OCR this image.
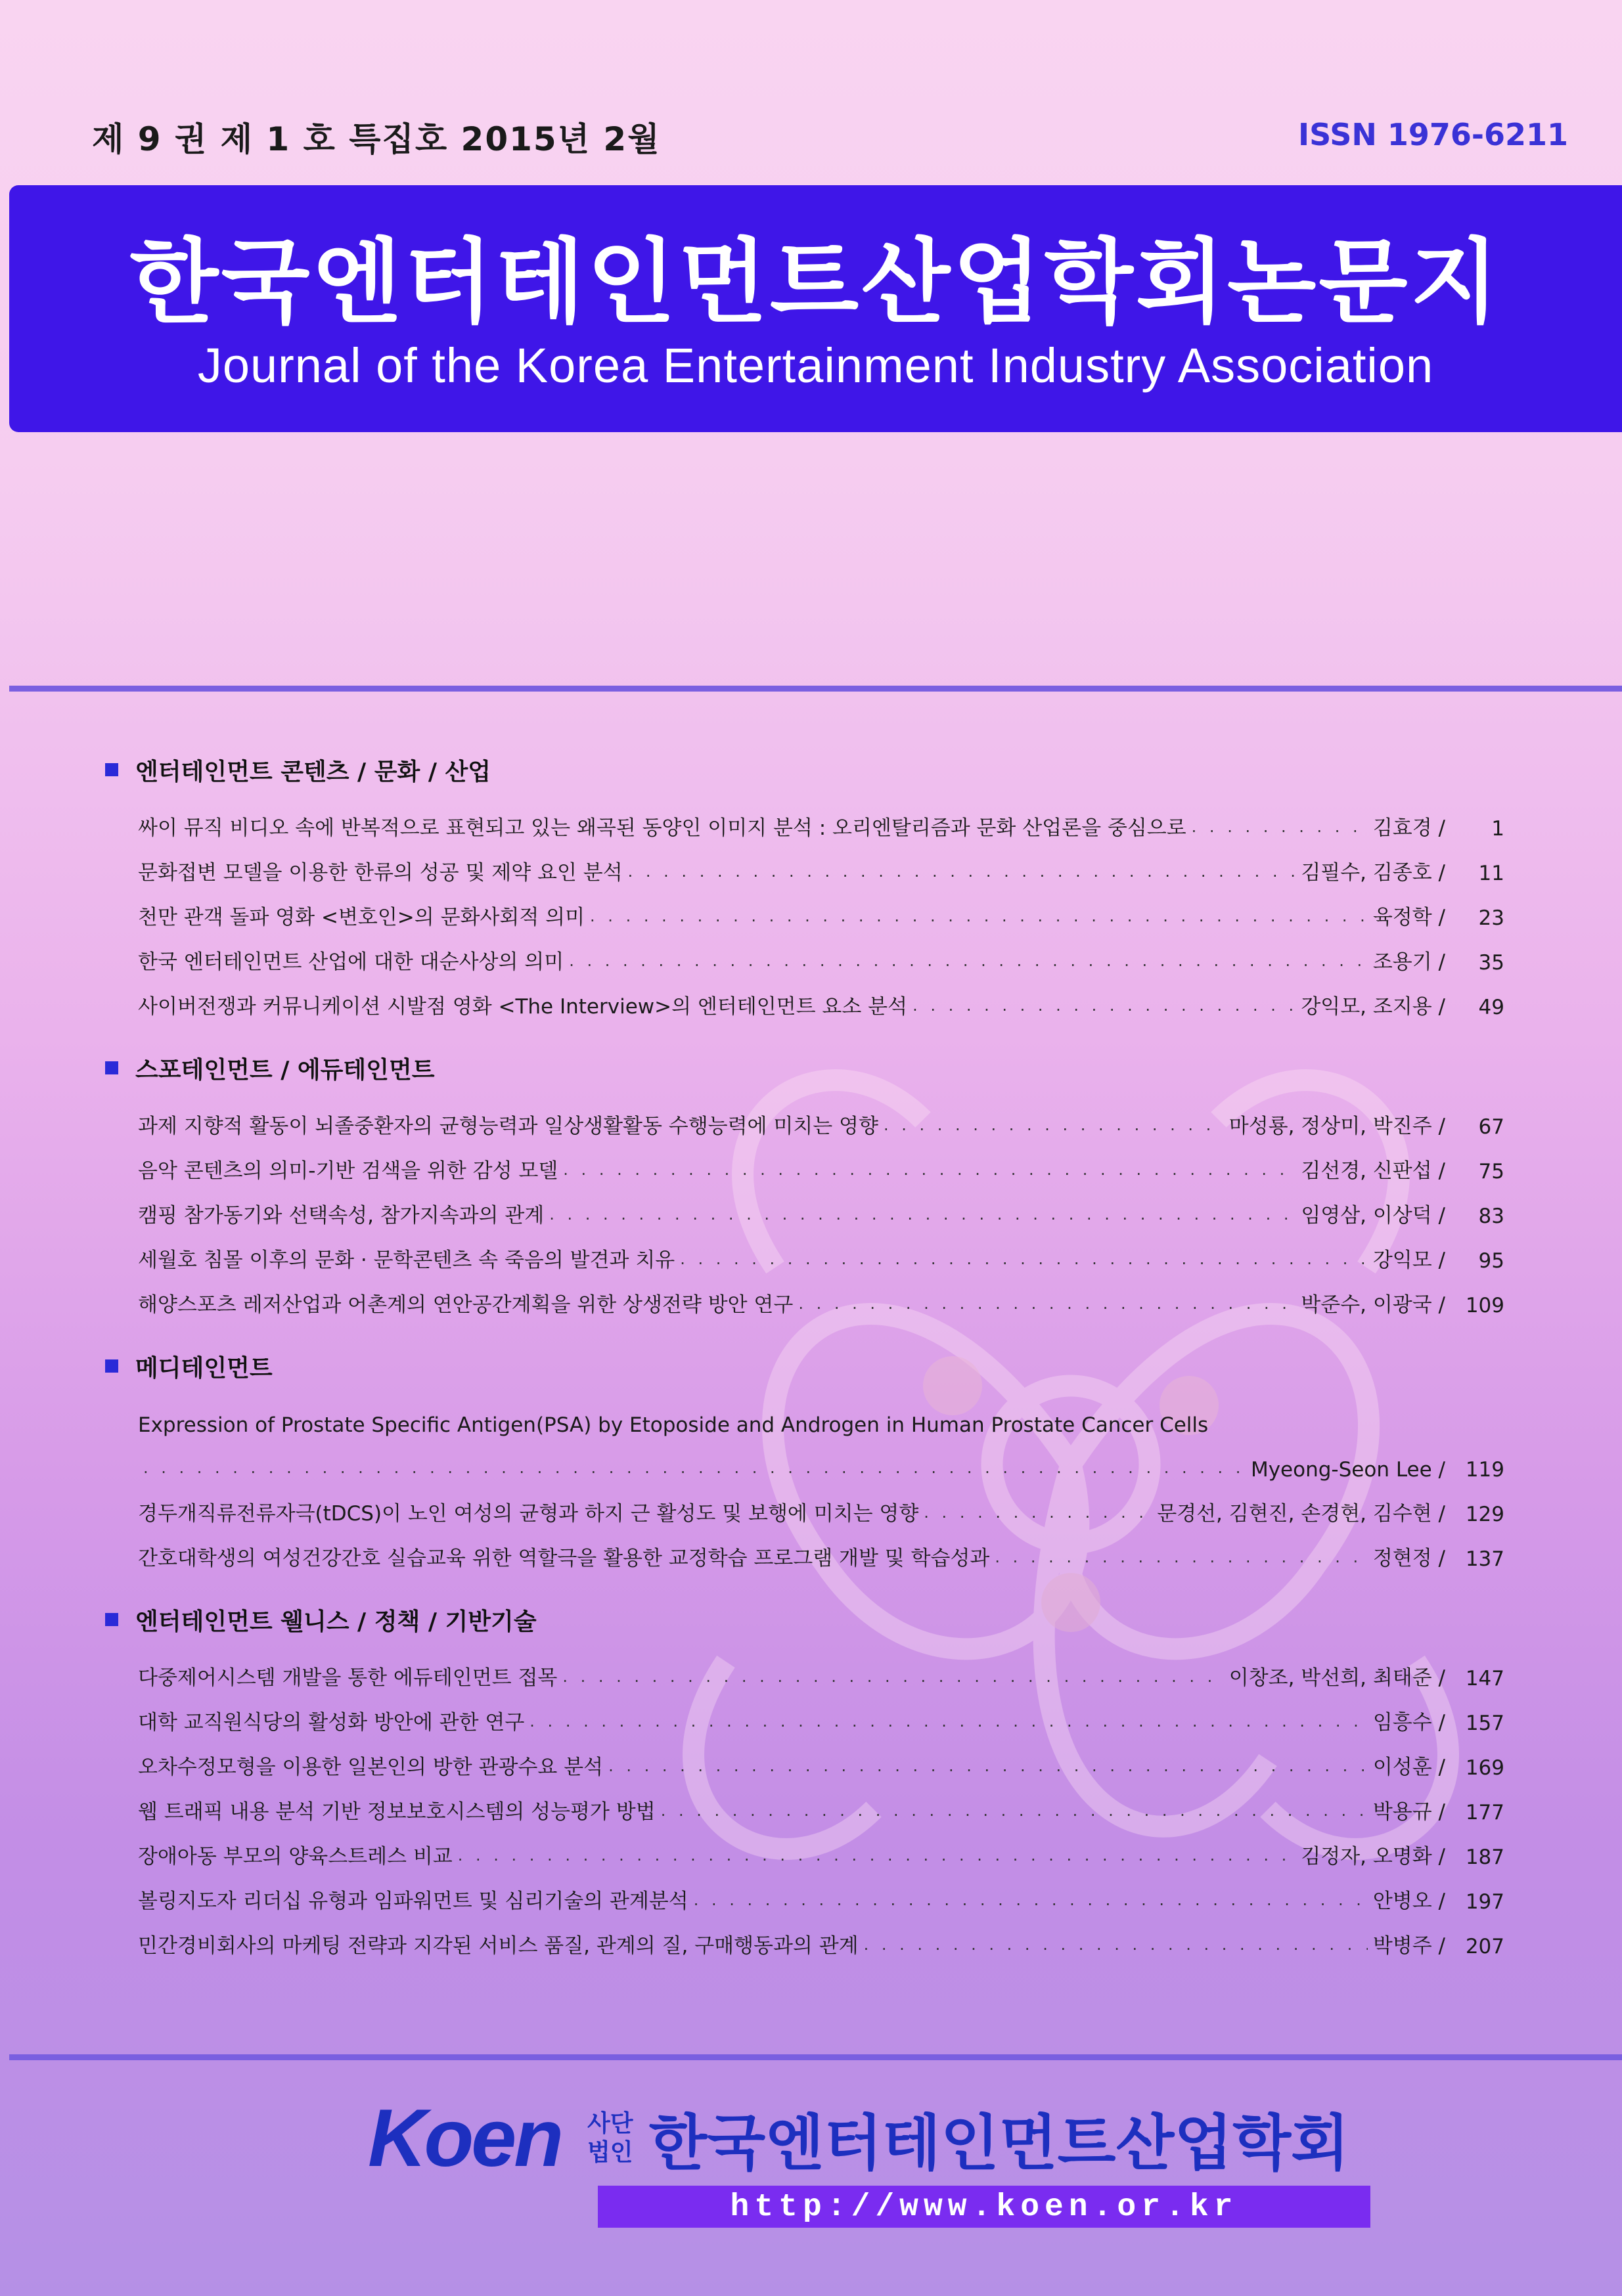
제 9 권 제 1 호 특집호 2015년 2월	ISSN 1976-6211
한국엔터테인먼트산업학회논문지
Journal of the Korea Entertainment Industry Association
엔터테인먼트 콘텐츠 / 문화 / 산업
싸이 뮤직 비디오 속에 반복적으로 표현되고 있는 왜곡된 동양인 이미지 분석 : 오리엔탈리즘과 문화 산업론을 중심으로 · · ·	김효경 /	1
문화접변 모델을 이용한 한류의 성공 및 제약 요인 분석 · · ·	김필수, 김종호 /	11
천만 관객 돌파 영화 <변호인>의 문화사회적 의미 · · ·	육정학 /	23
한국 엔터테인먼트 산업에 대한 대순사상의 의미 · · ·	조용기 /	35
사이버전쟁과 커뮤니케이션 시발점 영화 <The Interview>의 엔터테인먼트 요소 분석 · · ·	강익모, 조지용 /	49
스포테인먼트 / 에듀테인먼트
과제 지향적 활동이 뇌졸중환자의 균형능력과 일상생활활동 수행능력에 미치는 영향 · · ·	마성룡, 정상미, 박진주 /	67
음악 콘텐츠의 의미-기반 검색을 위한 감성 모델 · · ·	김선경, 신판섭 /	75
캠핑 참가동기와 선택속성, 참가지속과의 관계 · · ·	임영삼, 이상덕 /	83
세월호 침몰 이후의 문화 · 문학콘텐츠 속 죽음의 발견과 치유 · · ·	강익모 /	95
해양스포츠 레저산업과 어촌계의 연안공간계획을 위한 상생전략 방안 연구 · · ·	박준수, 이광국 / 109
메디테인먼트
Expression of Prostate Specific Antigen(PSA) by Etoposide and Androgen in Human Prostate Cancer Cells
· · ·
Myeong-Seon Lee / 119
경두개직류전류자극(tDCS)이 노인 여성의 균형과 하지 근 활성도 및 보행에 미치는 영향 · · ·	문경선, 김현진, 손경현, 김수현 / 129
간호대학생의 여성건강간호 실습교육 위한 역할극을 활용한 교정학습 프로그램 개발 및 학습성과 · · ·	정현정 / 137
엔터테인먼트 웰니스 / 정책 / 기반기술
다중제어시스템 개발을 통한 에듀테인먼트 접목 · · ·	이창조, 박선희, 최태준 / 147
대학 교직원식당의 활성화 방안에 관한 연구 · · ·	임흥수 / 157
오차수정모형을 이용한 일본인의 방한 관광수요 분석 · · ·	이성훈 / 169
웹 트래픽 내용 분석 기반 정보보호시스템의 성능평가 방법 · · ·	박용규 / 177
장애아동 부모의 양육스트레스 비교 · · ·	김정자, 오명화 / 187
볼링지도자 리더십 유형과 임파워먼트 및 심리기술의 관계분석 · · ·	안병오 / 197
민간경비회사의 마케팅 전략과 지각된 서비스 품질, 관계의 질, 구매행동과의 관계 · · ·	박병주 / 207
Koen 사단
법인 한국엔터테인먼트산업학회
http://www.koen.or.kr
